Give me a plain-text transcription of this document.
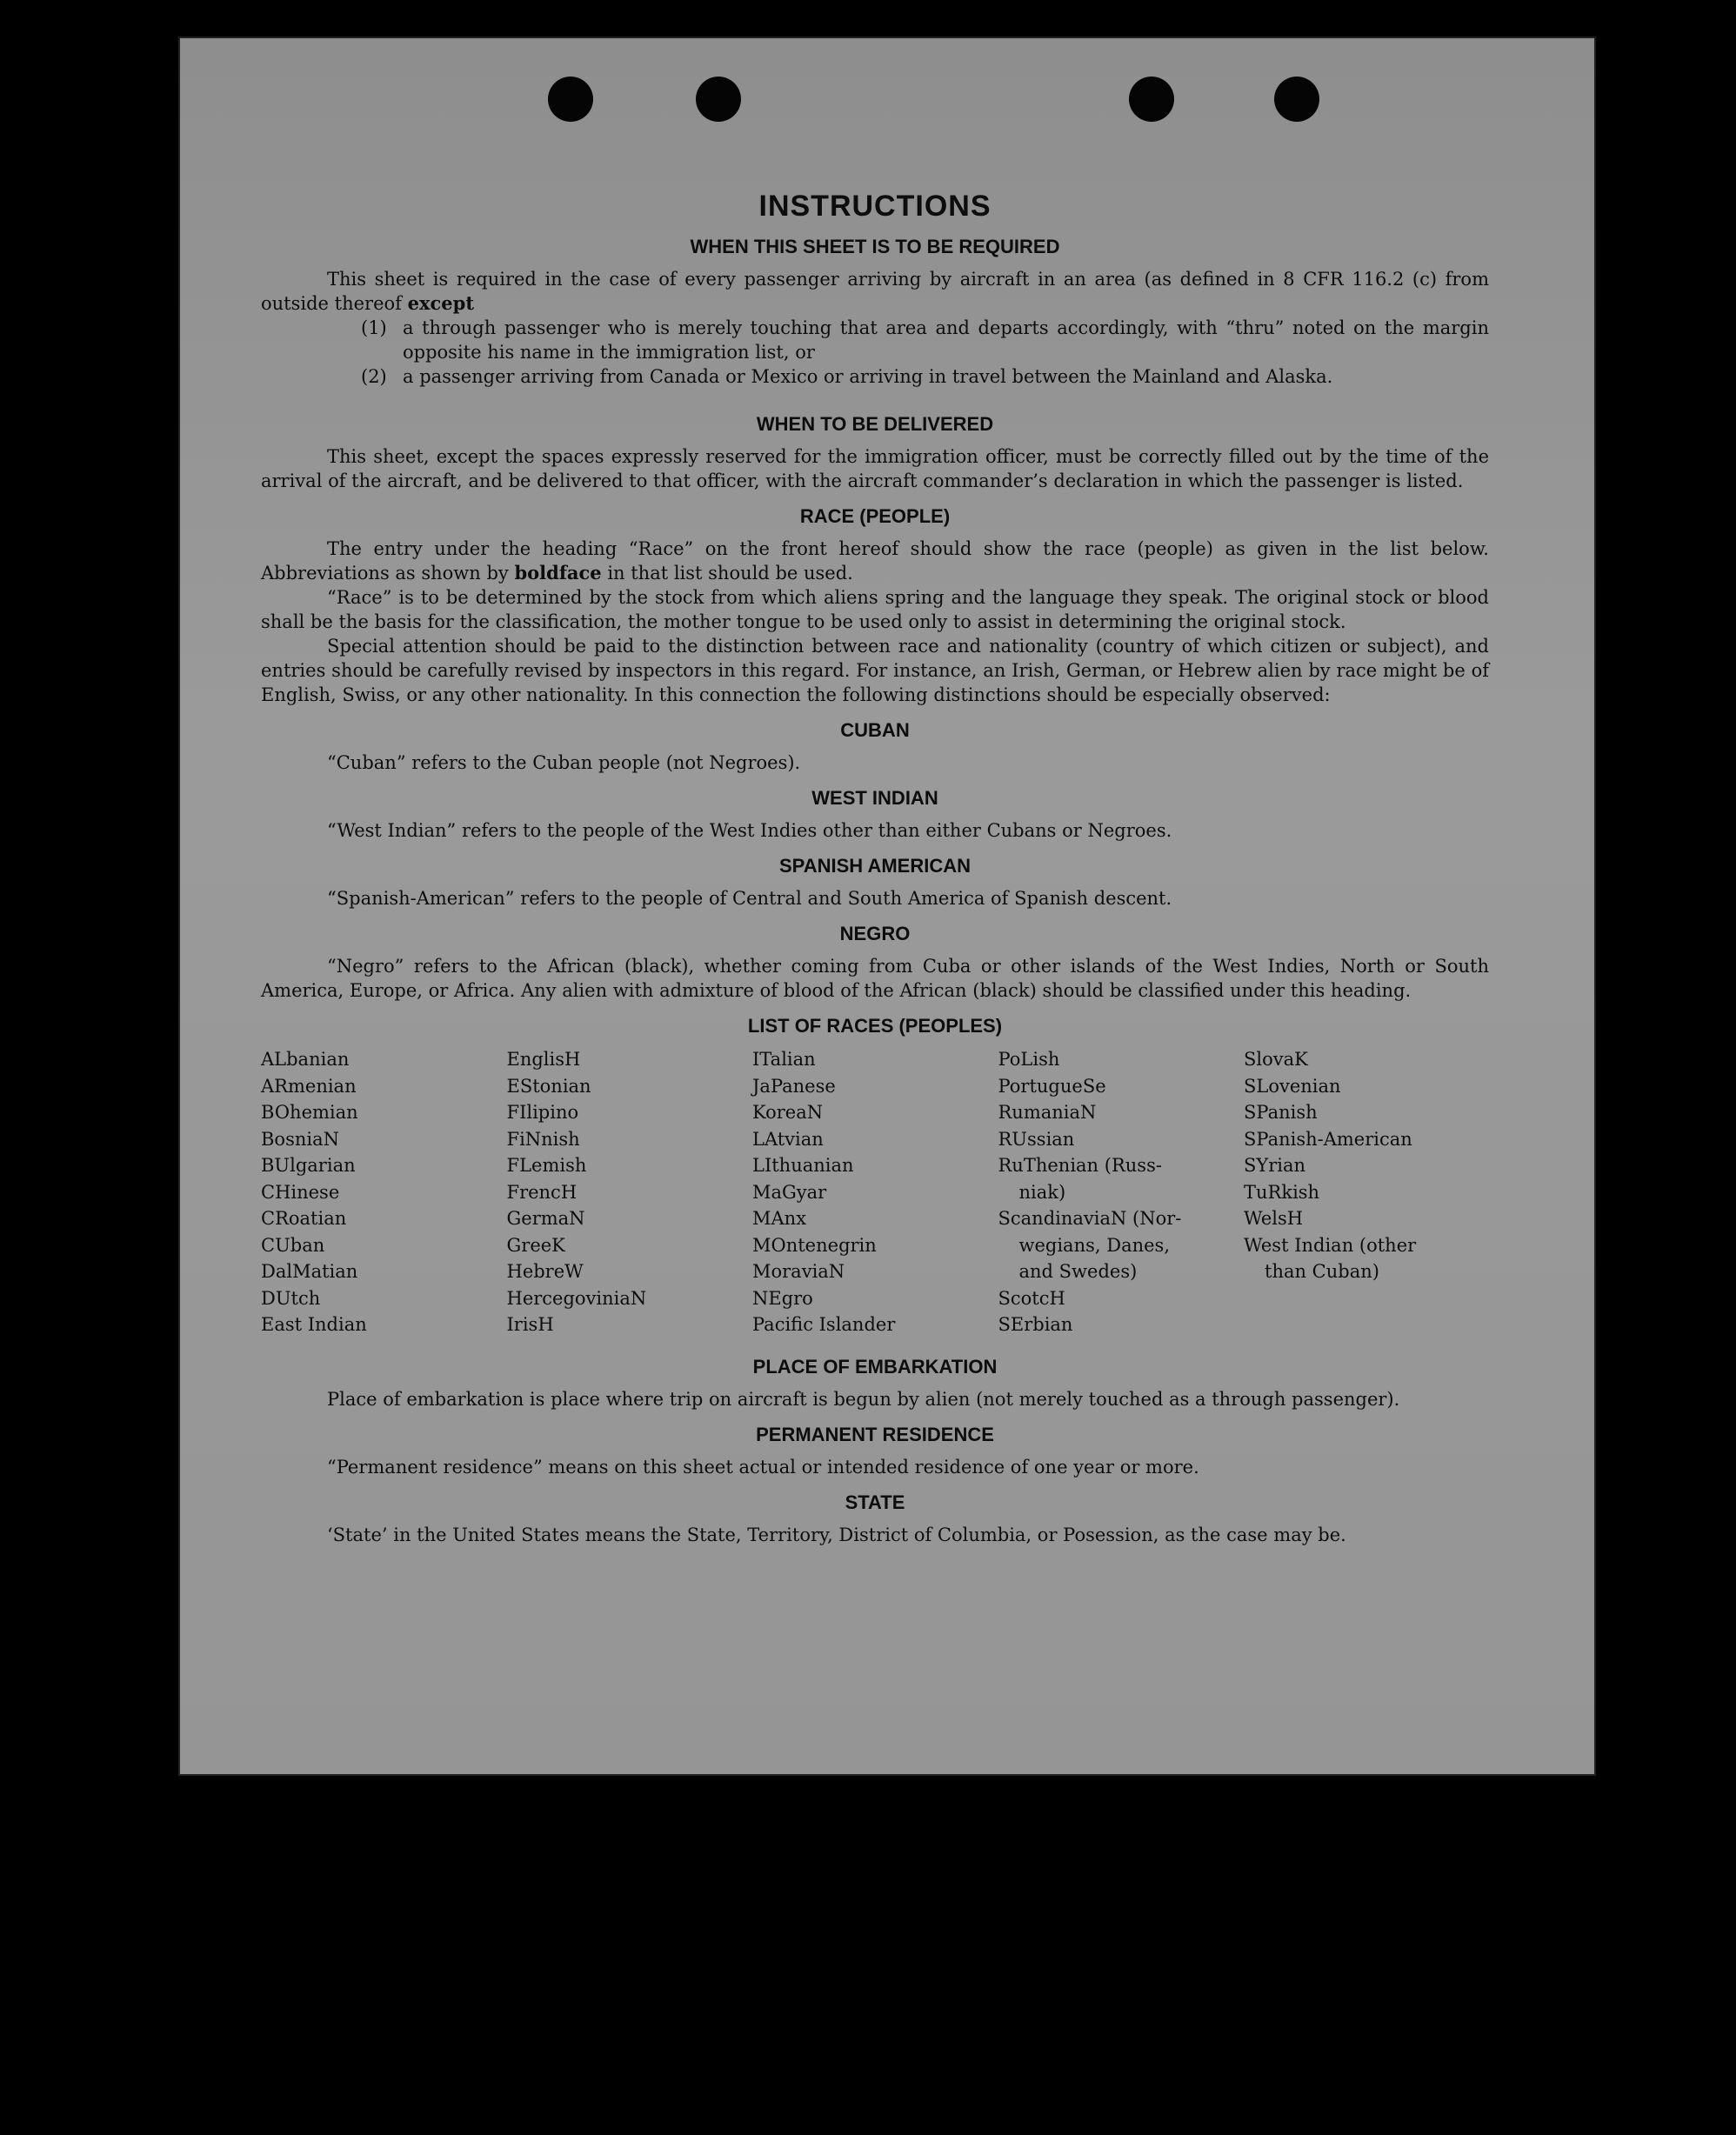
INSTRUCTIONS
WHEN THIS SHEET IS TO BE REQUIRED

This sheet is required in the case of every passenger arriving by aircraft in an area (as defined in 8 CFR 116.2 (c) from outside thereof except

(1) a through passenger who is merely touching that area and departs accordingly, with “thru” noted on the margin opposite his name in the immigration list, or
(2) a passenger arriving from Canada or Mexico or arriving in travel between the Mainland and Alaska.
WHEN TO BE DELIVERED

This sheet, except the spaces expressly reserved for the immigration officer, must be correctly filled out by the time of the arrival of the aircraft, and be delivered to that officer, with the aircraft commander’s declaration in which the passenger is listed.

RACE (PEOPLE)

The entry under the heading “Race” on the front hereof should show the race (people) as given in the list below. Abbreviations as shown by boldface in that list should be used.

“Race” is to be determined by the stock from which aliens spring and the language they speak. The original stock or blood shall be the basis for the classification, the mother tongue to be used only to assist in determining the original stock.

Special attention should be paid to the distinction between race and nationality (country of which citizen or subject), and entries should be carefully revised by inspectors in this regard. For instance, an Irish, German, or Hebrew alien by race might be of English, Swiss, or any other nationality. In this connection the following distinctions should be especially observed:

CUBAN

“Cuban” refers to the Cuban people (not Negroes).

WEST INDIAN

“West Indian” refers to the people of the West Indies other than either Cubans or Negroes.

SPANISH AMERICAN

“Spanish-American” refers to the people of Central and South America of Spanish descent.

NEGRO

“Negro” refers to the African (black), whether coming from Cuba or other islands of the West Indies, North or South America, Europe, or Africa. Any alien with admixture of blood of the African (black) should be classified under this heading.

LIST OF RACES (PEOPLES)
ALbanian
ARmenian
BOhemian
BosniaN
BUlgarian
CHinese
CRoatian
CUban
DalMatian
DUtch
East Indian
EnglisH
EStonian
FIlipino
FiNnish
FLemish
FrencH
GermaN
GreeK
HebreW
HercegoviniaN
IrisH
ITalian
JaPanese
KoreaN
LAtvian
LIthuanian
MaGyar
MAnx
MOntenegrin
MoraviaN
NEgro
Pacific Islander
PoLish
PortugueSe
RumaniaN
RUssian
RuThenian (Russ-
niak)
ScandinaviaN (Nor-
wegians, Danes,
and Swedes)
ScotcH
SErbian
SlovaK
SLovenian
SPanish
SPanish-American
SYrian
TuRkish
WelsH
West Indian (other
than Cuban)
PLACE OF EMBARKATION

Place of embarkation is place where trip on aircraft is begun by alien (not merely touched as a through passenger).

PERMANENT RESIDENCE

“Permanent residence” means on this sheet actual or intended residence of one year or more.

STATE

‘State’ in the United States means the State, Territory, District of Columbia, or Posession, as the case may be.
